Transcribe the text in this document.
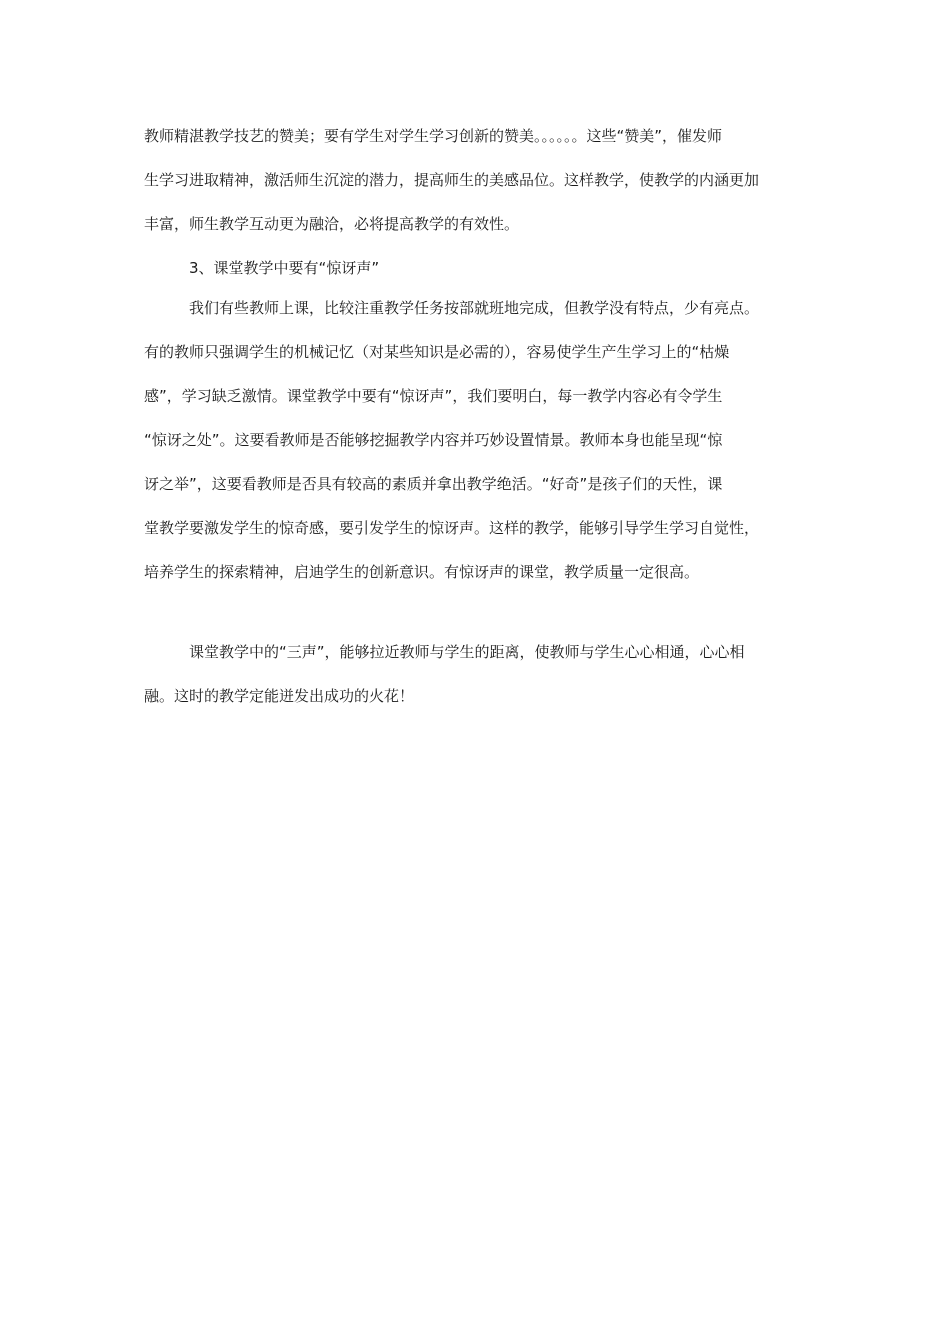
教师精湛教学技艺的赞美；要有学生对学生学习创新的赞美。。。。。。这些“赞美”，催发师
生学习进取精神，激活师生沉淀的潜力，提高师生的美感品位。这样教学，使教学的内涵更加
丰富，师生教学互动更为融洽，必将提高教学的有效性。
3、课堂教学中要有“惊讶声”
我们有些教师上课，比较注重教学任务按部就班地完成，但教学没有特点，少有亮点。
有的教师只强调学生的机械记忆（对某些知识是必需的），容易使学生产生学习上的“枯燥
感”，学习缺乏激情。课堂教学中要有“惊讶声”，我们要明白，每一教学内容必有令学生
“惊讶之处”。这要看教师是否能够挖掘教学内容并巧妙设置情景。教师本身也能呈现“惊
讶之举”，这要看教师是否具有较高的素质并拿出教学绝活。“好奇”是孩子们的天性，课
堂教学要激发学生的惊奇感，要引发学生的惊讶声。这样的教学，能够引导学生学习自觉性，
培养学生的探索精神，启迪学生的创新意识。有惊讶声的课堂，教学质量一定很高。
课堂教学中的“三声”，能够拉近教师与学生的距离，使教师与学生心心相通，心心相
融。这时的教学定能迸发出成功的火花！
